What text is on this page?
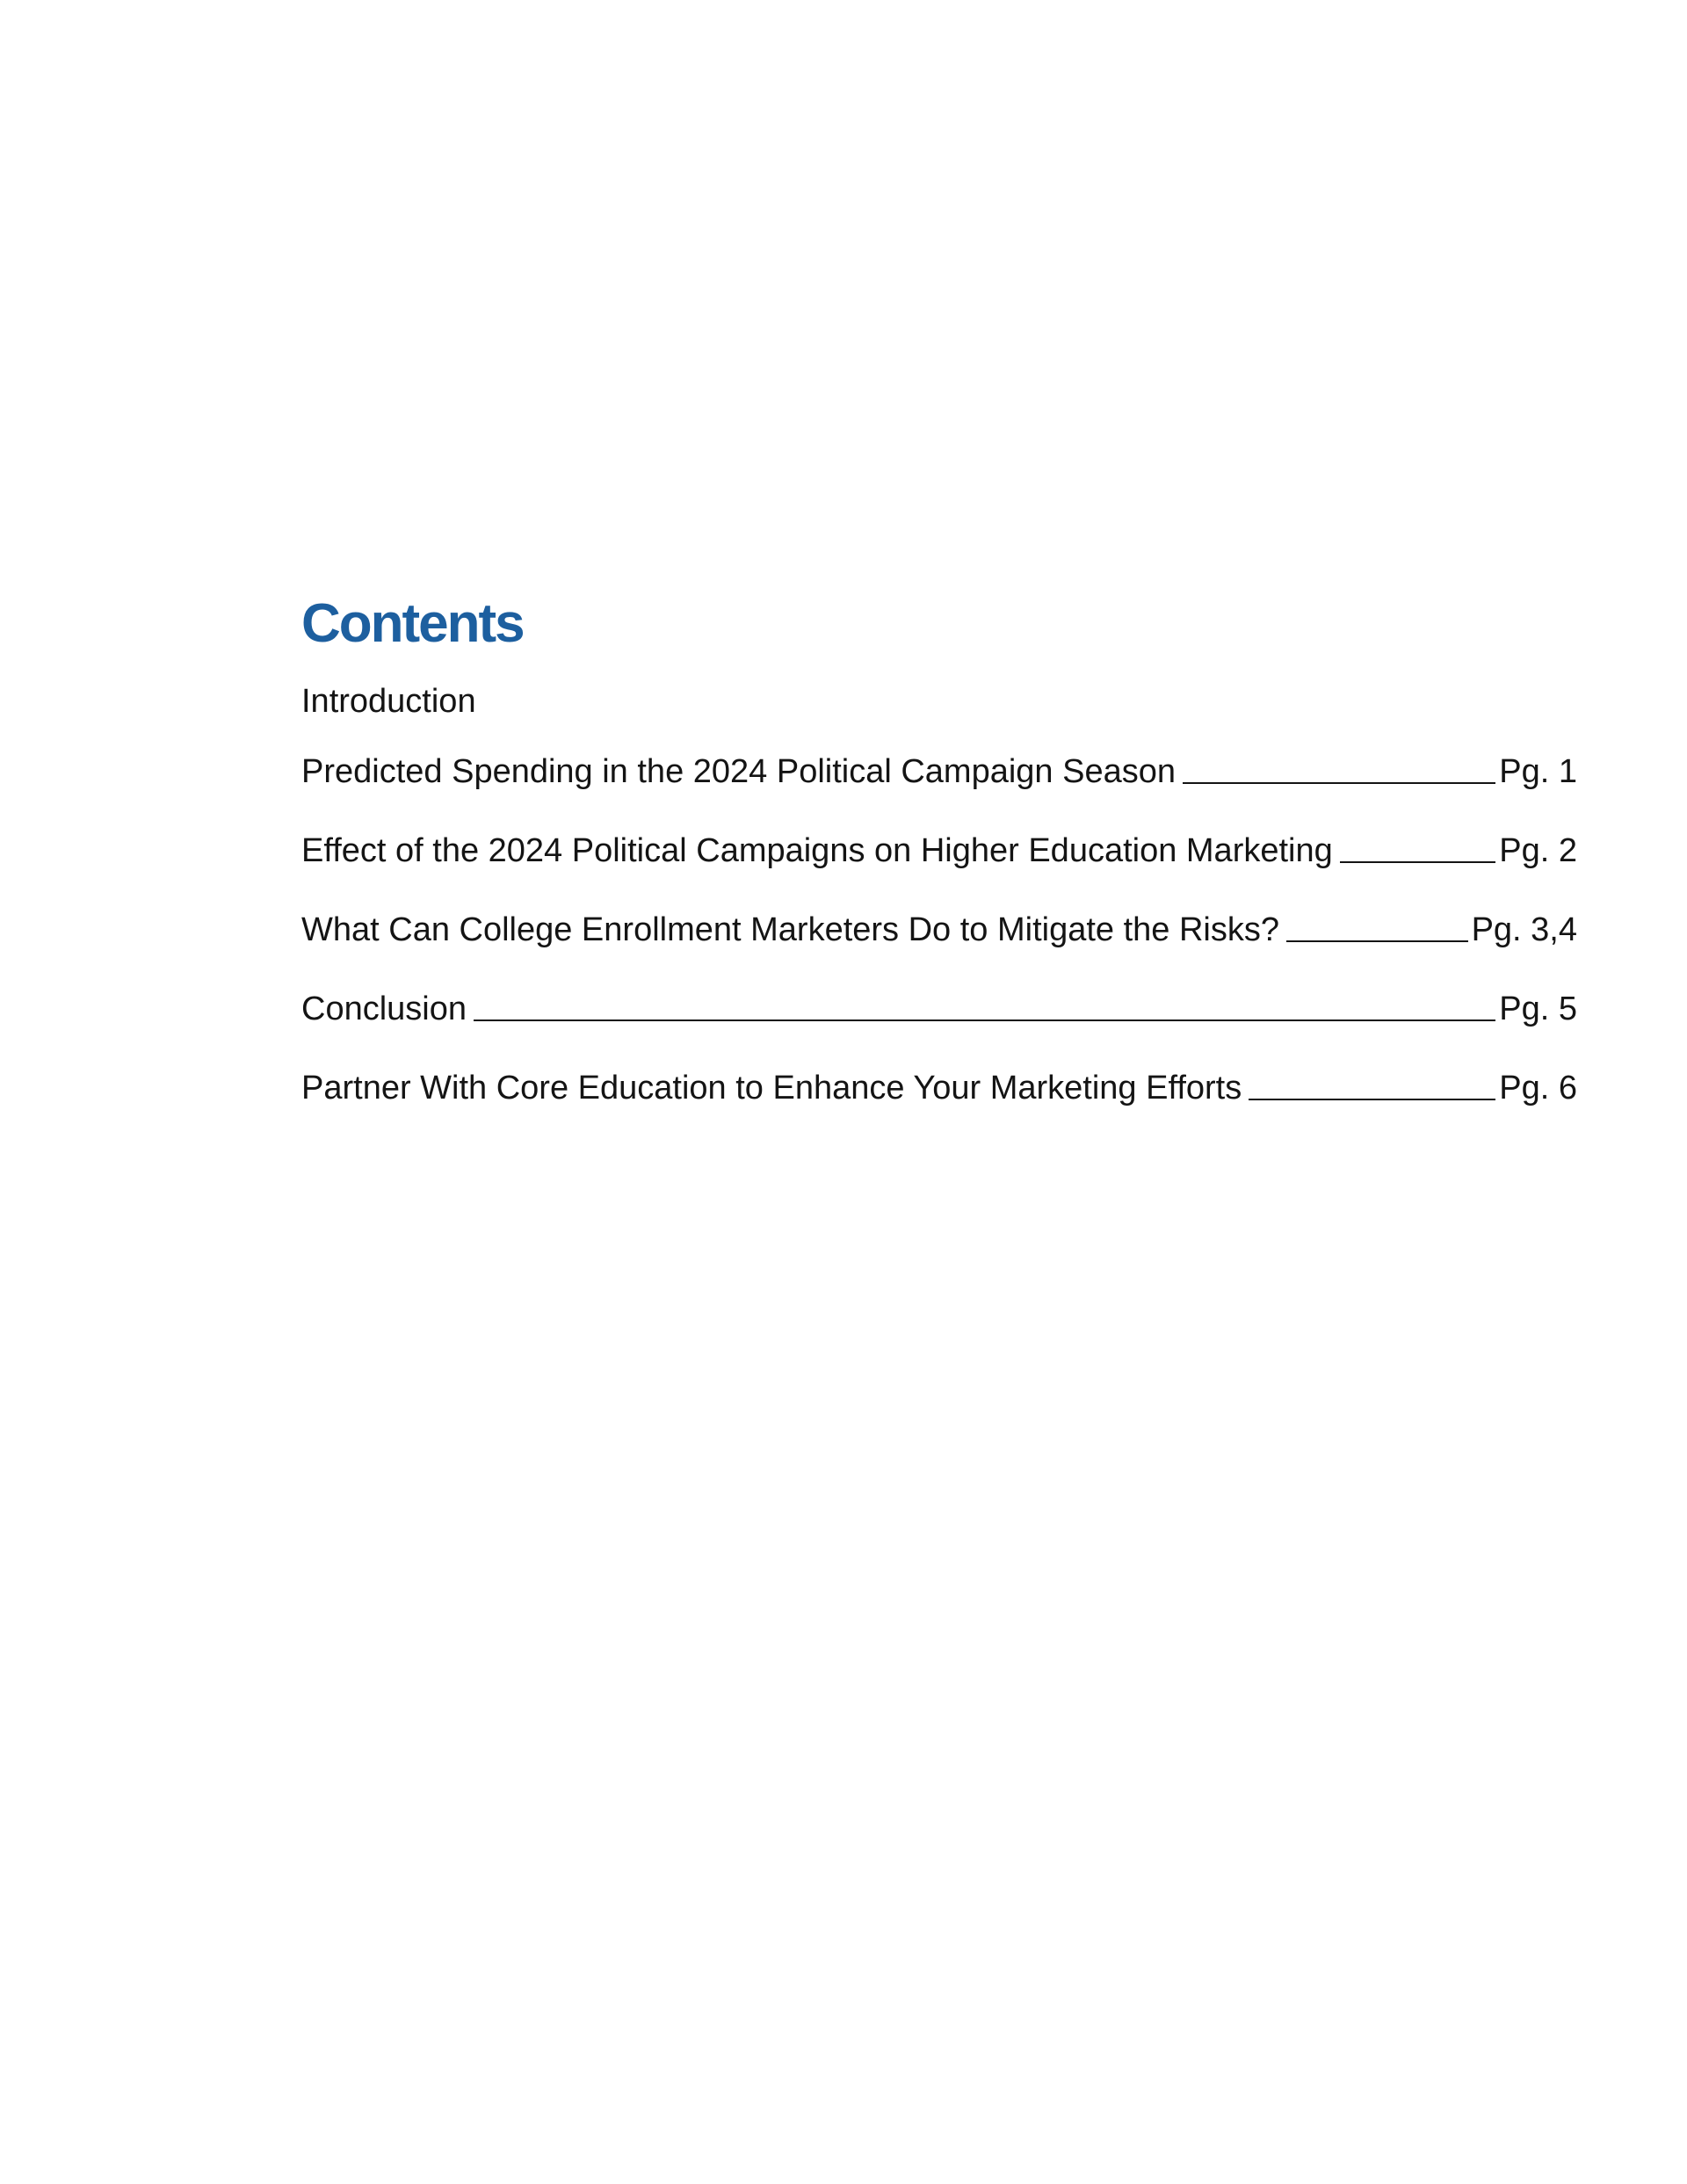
Contents
Introduction
Predicted Spending in the 2024 Political Campaign Season	Pg. 1
Effect of the 2024 Political Campaigns on Higher Education Marketing	Pg. 2
What Can College Enrollment Marketers Do to Mitigate the Risks?	Pg. 3,4
Conclusion	Pg. 5
Partner With Core Education to Enhance Your Marketing Efforts	Pg. 6
